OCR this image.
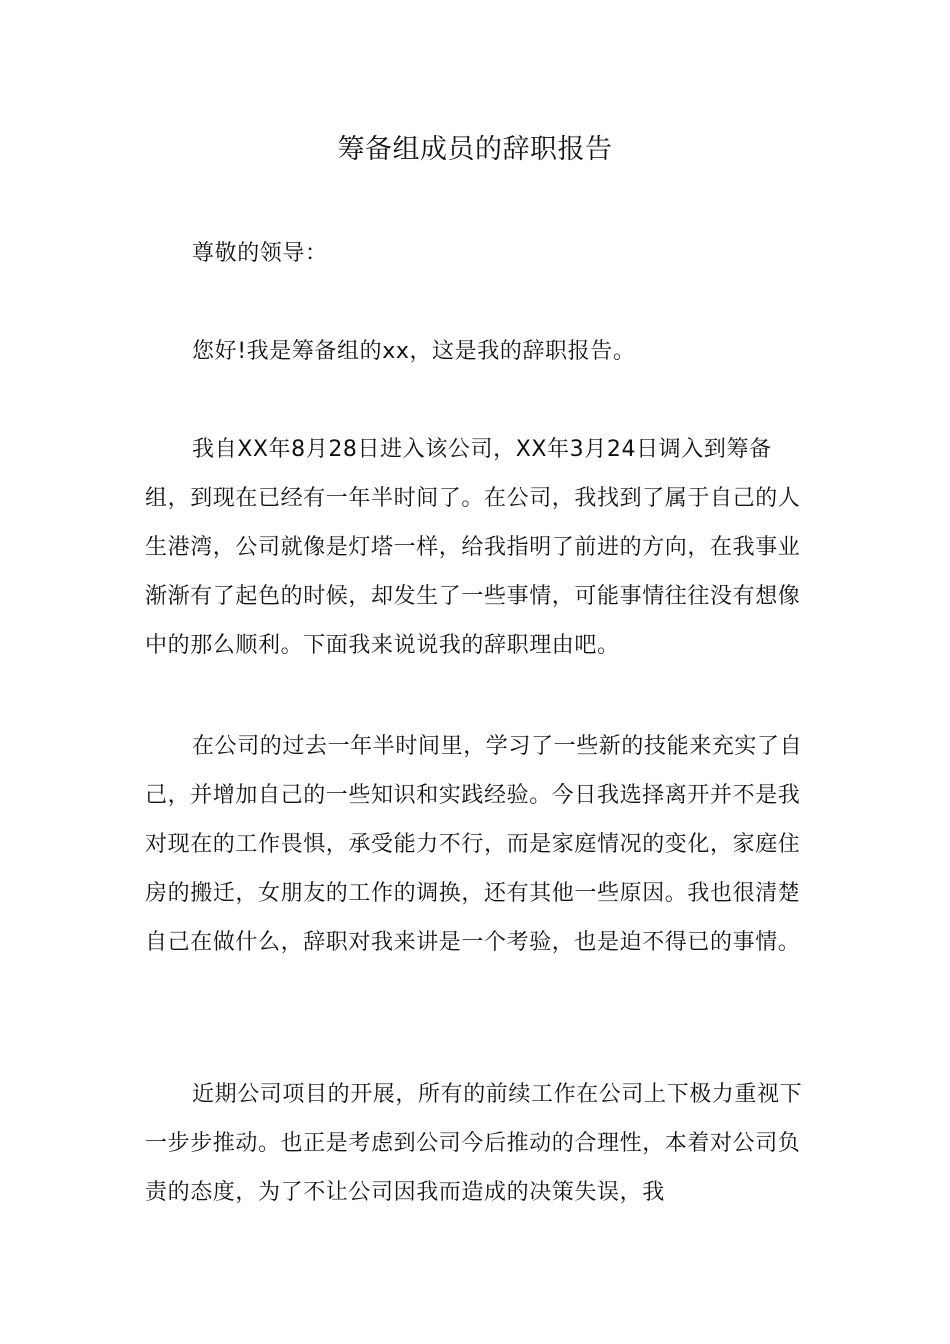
筹备组成员的辞职报告

尊敬的领导：

您好!我是筹备组的xx，这是我的辞职报告。

我自XX年8月28日进入该公司，XX年3月24日调入到筹备组，到现在已经有一年半时间了。在公司，我找到了属于自己的人生港湾，公司就像是灯塔一样，给我指明了前进的方向，在我事业渐渐有了起色的时候，却发生了一些事情，可能事情往往没有想像中的那么顺利。下面我来说说我的辞职理由吧。

在公司的过去一年半时间里，学习了一些新的技能来充实了自己，并增加自己的一些知识和实践经验。今日我选择离开并不是我对现在的工作畏惧，承受能力不行，而是家庭情况的变化，家庭住房的搬迁，女朋友的工作的调换，还有其他一些原因。我也很清楚自己在做什么，辞职对我来讲是一个考验，也是迫不得已的事情。

近期公司项目的开展，所有的前续工作在公司上下极力重视下一步步推动。也正是考虑到公司今后推动的合理性，本着对公司负责的态度，为了不让公司因我而造成的决策失误，我
